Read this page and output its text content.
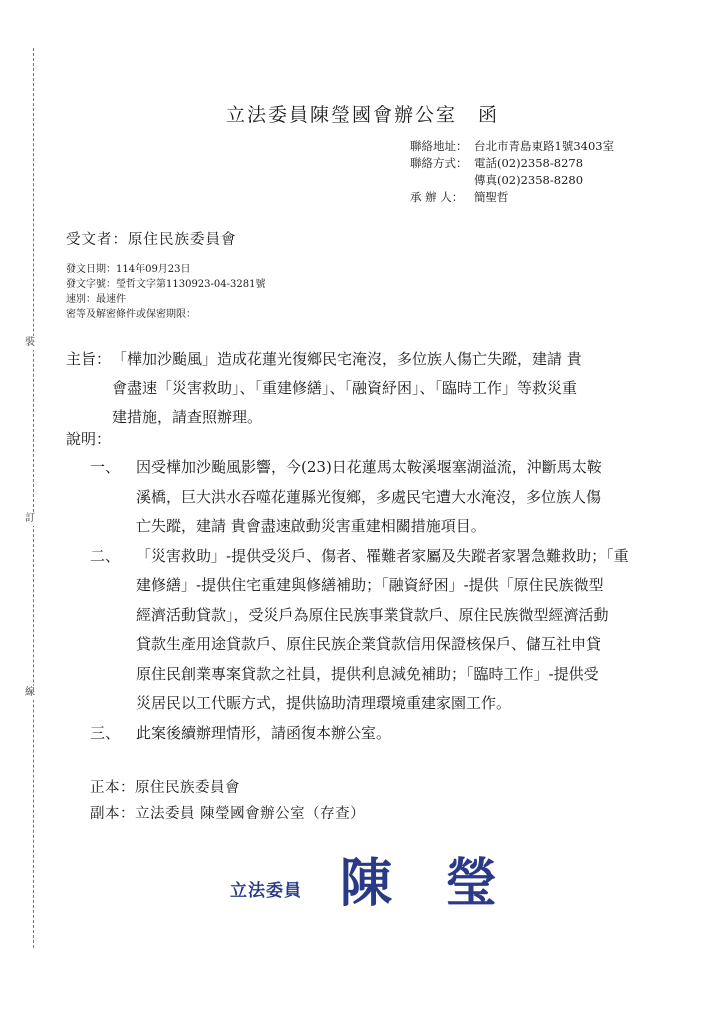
裝
訂
線
立法委員陳瑩國會辦公室　函
聯絡地址： 台北市青島東路1號3403室
聯絡方式： 電話(02)2358-8278
傳真(02)2358-8280
承 辦 人： 簡聖哲
受文者：原住民族委員會
發文日期：114年09月23日
發文字號：瑩哲文字第1130923-04-3281號
速別：最速件
密等及解密條件或保密期限：
主旨： 「樺加沙颱風」造成花蓮光復鄉民宅淹沒，多位族人傷亡失蹤，建請 貴
會盡速「災害救助」、「重建修繕」、「融資紓困」、「臨時工作」等救災重
建措施，請查照辦理。
說明：
一、 因受樺加沙颱風影響，今(23)日花蓮馬太鞍溪堰塞湖溢流，沖斷馬太鞍
溪橋，巨大洪水吞噬花蓮縣光復鄉，多處民宅遭大水淹沒，多位族人傷
亡失蹤，建請 貴會盡速啟動災害重建相關措施項目。
二、 「災害救助」-提供受災戶、傷者、罹難者家屬及失蹤者家署急難救助；「重
建修繕」-提供住宅重建與修繕補助；「融資紓困」-提供「原住民族微型
經濟活動貸款」，受災戶為原住民族事業貸款戶、原住民族微型經濟活動
貸款生產用途貸款戶、原住民族企業貸款信用保證核保戶、儲互社申貸
原住民創業專案貸款之社員，提供利息減免補助；「臨時工作」-提供受
災居民以工代賑方式，提供協助清理環境重建家園工作。
三、 此案後續辦理情形，請函復本辦公室。
正本：原住民族委員會
副本：立法委員 陳瑩國會辦公室（存查）
立法委員 陳 瑩
